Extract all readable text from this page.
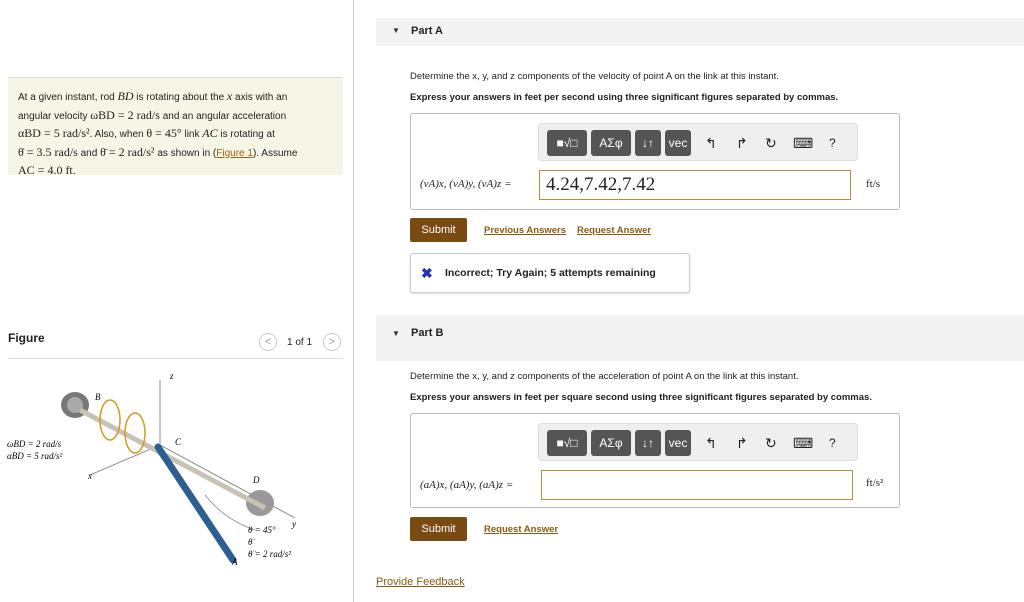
At a given instant, rod BD is rotating about the x axis with an
angular velocity ωBD = 2 rad/s and an angular acceleration
αBD = 5 rad/s². Also, when θ = 45° link AC is rotating at
θ̇ = 3.5 rad/s and θ̈ = 2 rad/s² as shown in (Figure 1). Assume
AC = 4.0 ft.
Figure	<	1 of 1	>
z
B
C
D
x
y
A
ωBD = 2 rad/s
αBD = 5 rad/s²
θ = 45°
θ̇
θ̈ = 2 rad/s²
▼ Part A
Determine the x, y, and z components of the velocity of point A on the link at this instant.
Express your answers in feet per second using three significant figures separated by commas.
■√□	ΑΣφ	↓↑	vec ↰ ↱ ↻ ⌨ ?
(vA)x, (vA)y, (vA)z =	4.24,7.42,7.42	ft/s
Submit	Previous Answers Request Answer
✖ Incorrect; Try Again; 5 attempts remaining
▼ Part B
Determine the x, y, and z components of the acceleration of point A on the link at this instant.
Express your answers in feet per square second using three significant figures separated by commas.
■√□	ΑΣφ	↓↑	vec ↰ ↱ ↻ ⌨ ?
(aA)x, (aA)y, (aA)z =	ft/s²
Submit	Request Answer
Provide Feedback
